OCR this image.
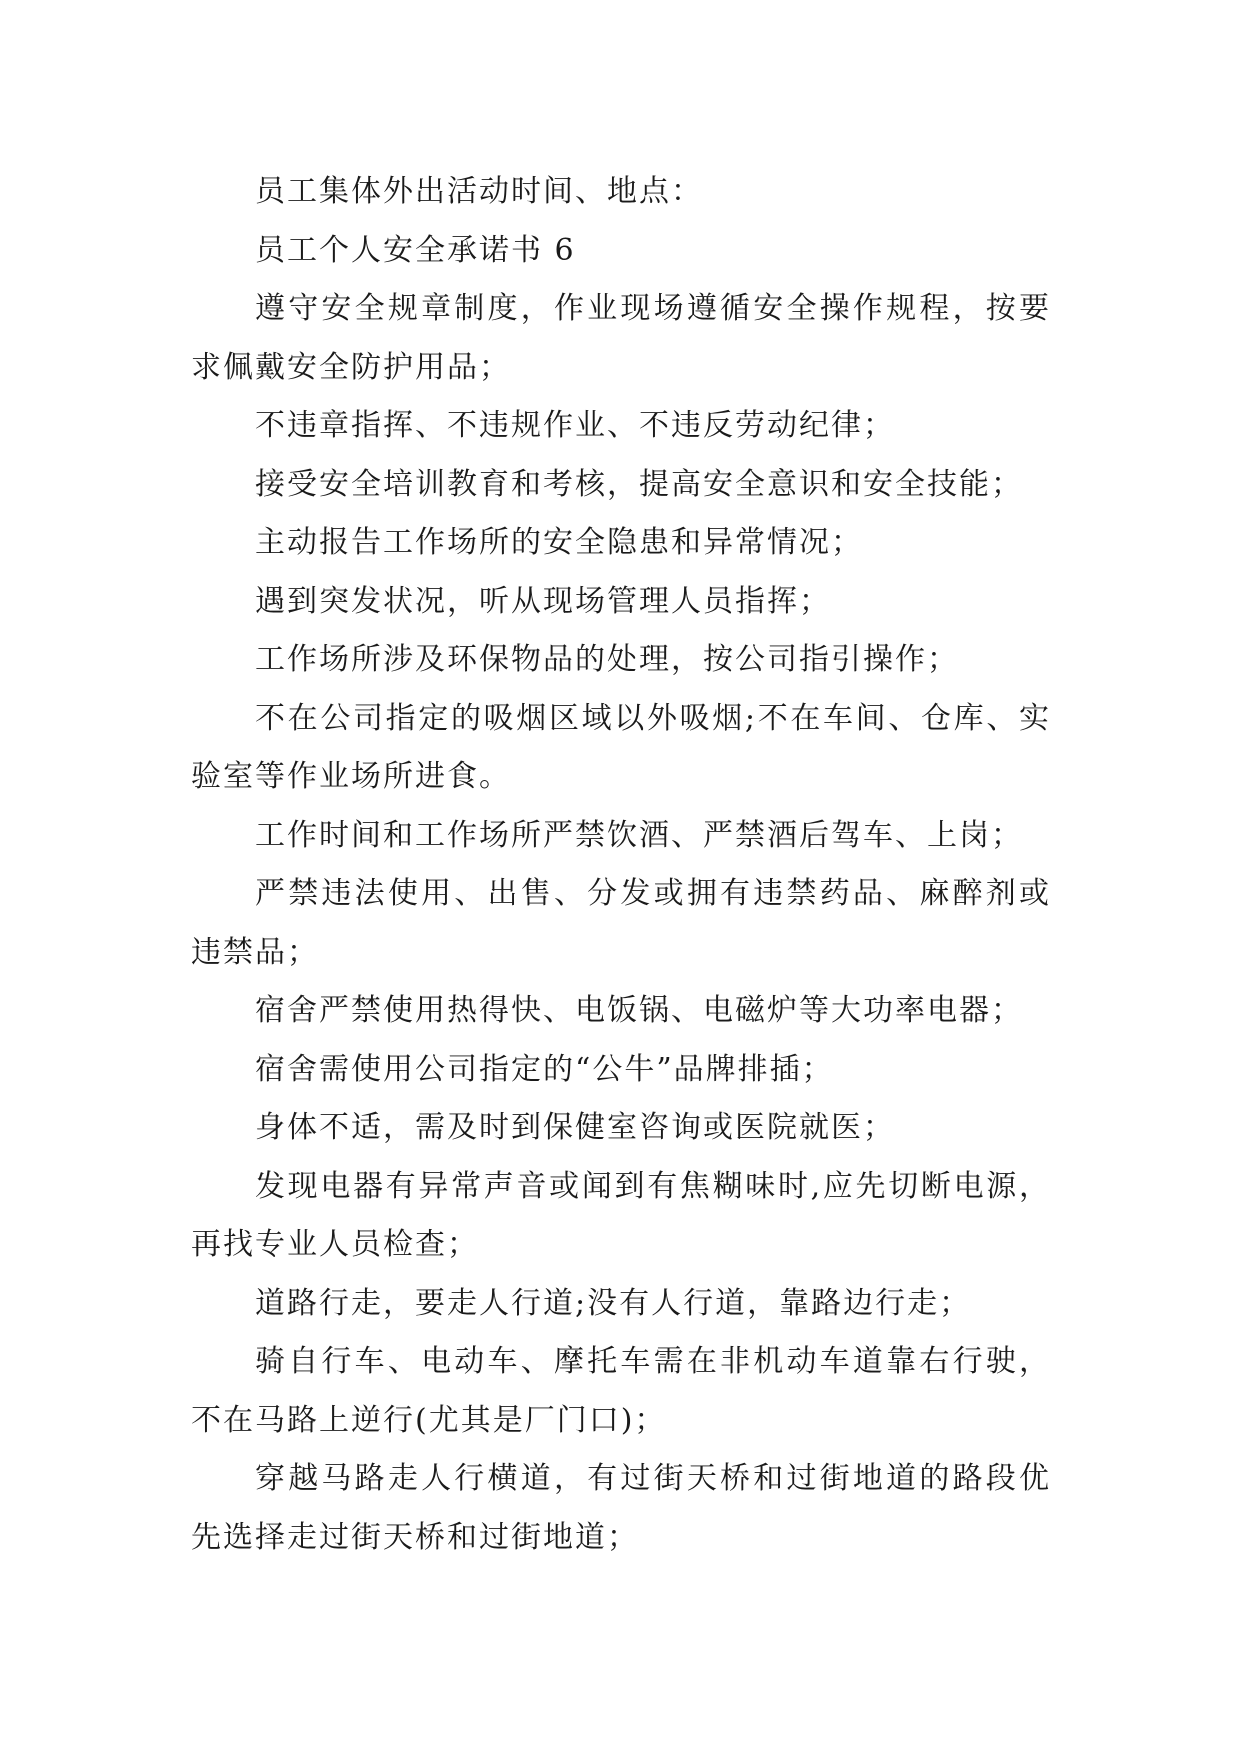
员工集体外出活动时间、地点：

员工个人安全承诺书 6

遵守安全规章制度，作业现场遵循安全操作规程，按要求佩戴安全防护用品；

不违章指挥、不违规作业、不违反劳动纪律；

接受安全培训教育和考核，提高安全意识和安全技能；

主动报告工作场所的安全隐患和异常情况；

遇到突发状况，听从现场管理人员指挥；

工作场所涉及环保物品的处理，按公司指引操作；

不在公司指定的吸烟区域以外吸烟;不在车间、仓库、实验室等作业场所进食。

工作时间和工作场所严禁饮酒、严禁酒后驾车、上岗；

严禁违法使用、出售、分发或拥有违禁药品、麻醉剂或违禁品；

宿舍严禁使用热得快、电饭锅、电磁炉等大功率电器；

宿舍需使用公司指定的“公牛”品牌排插；

身体不适，需及时到保健室咨询或医院就医；

发现电器有异常声音或闻到有焦糊味时,应先切断电源，再找专业人员检查；

道路行走，要走人行道;没有人行道，靠路边行走；

骑自行车、电动车、摩托车需在非机动车道靠右行驶，不在马路上逆行(尤其是厂门口)；

穿越马路走人行横道，有过街天桥和过街地道的路段优先选择走过街天桥和过街地道；
